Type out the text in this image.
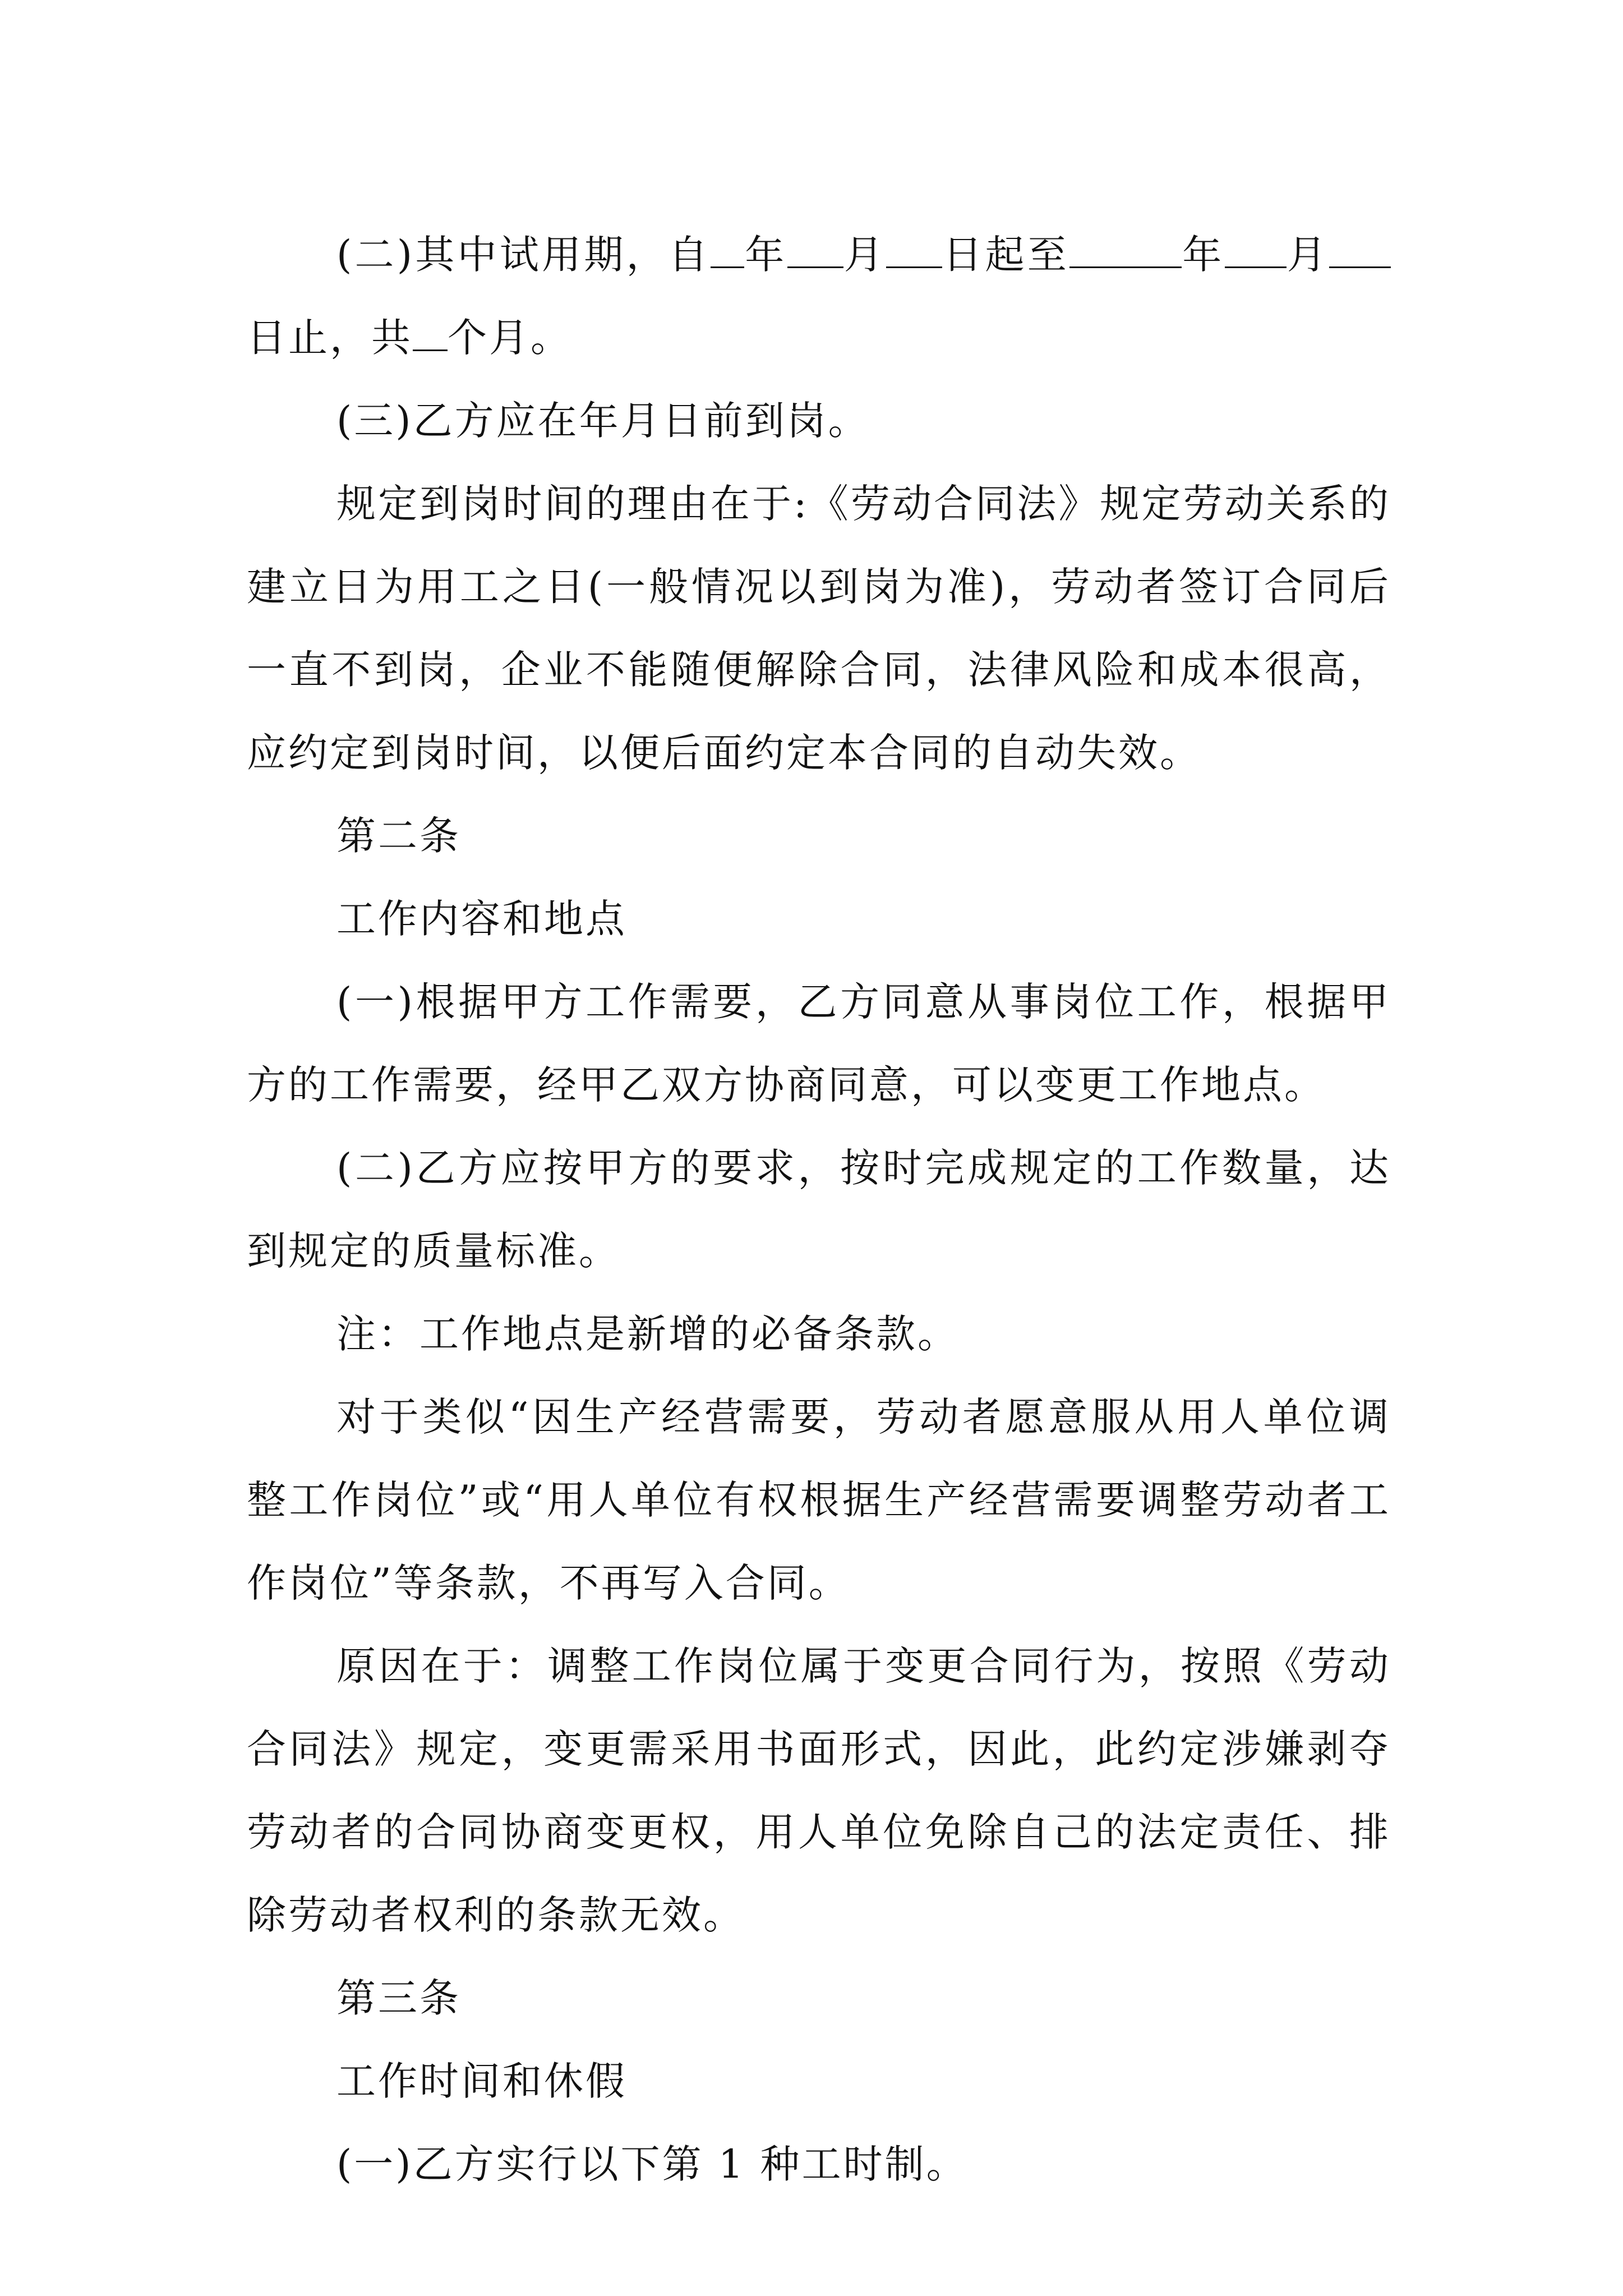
(二)其中试用期，自 年 月 日起至	年 月日止，共 个月。

(三)乙方应在年月日前到岗。

规定到岗时间的理由在于:《劳动合同法》规定劳动关系的建立日为用工之日(一般情况以到岗为准)，劳动者签订合同后一直不到岗，企业不能随便解除合同，法律风险和成本很高，应约定到岗时间，以便后面约定本合同的自动失效。

第二条

工作内容和地点

(一)根据甲方工作需要，乙方同意从事岗位工作，根据甲方的工作需要，经甲乙双方协商同意，可以变更工作地点。

(二)乙方应按甲方的要求，按时完成规定的工作数量，达到规定的质量标准。

注：工作地点是新增的必备条款。

对于类似“因生产经营需要，劳动者愿意服从用人单位调整工作岗位”或“用人单位有权根据生产经营需要调整劳动者工作岗位”等条款，不再写入合同。

原因在于：调整工作岗位属于变更合同行为，按照《劳动合同法》规定，变更需采用书面形式，因此，此约定涉嫌剥夺劳动者的合同协商变更权，用人单位免除自己的法定责任、排除劳动者权利的条款无效。

第三条

工作时间和休假

(一)乙方实行以下第 1 种工时制。
